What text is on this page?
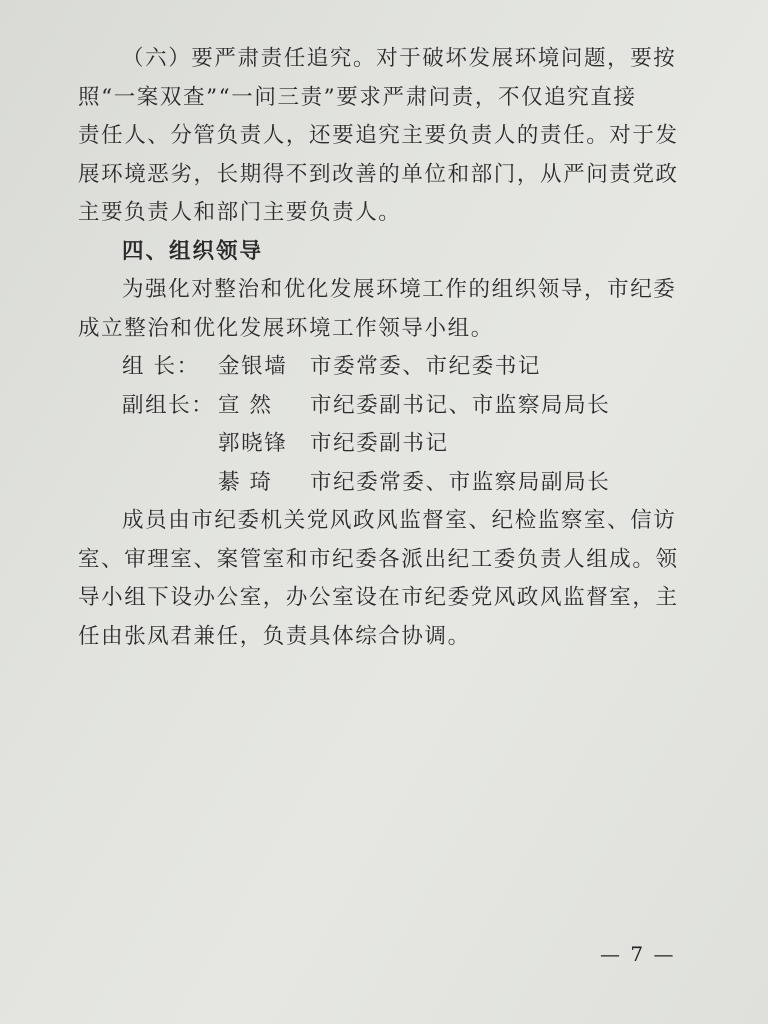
（六）要严肃责任追究。对于破坏发展环境问题，要按
照“一案双查”“一问三责”要求严肃问责，不仅追究直接
责任人、分管负责人，还要追究主要负责人的责任。对于发
展环境恶劣，长期得不到改善的单位和部门，从严问责党政
主要负责人和部门主要负责人。
四、组织领导
为强化对整治和优化发展环境工作的组织领导，市纪委
成立整治和优化发展环境工作领导小组。
组 长： 金银墙 市委常委、市纪委书记
副组长： 宣 然 市纪委副书记、市监察局局长
郭晓锋 市纪委副书记
綦 琦 市纪委常委、市监察局副局长
成员由市纪委机关党风政风监督室、纪检监察室、信访
室、审理室、案管室和市纪委各派出纪工委负责人组成。领
导小组下设办公室，办公室设在市纪委党风政风监督室，主
任由张凤君兼任，负责具体综合协调。
— 7 —
